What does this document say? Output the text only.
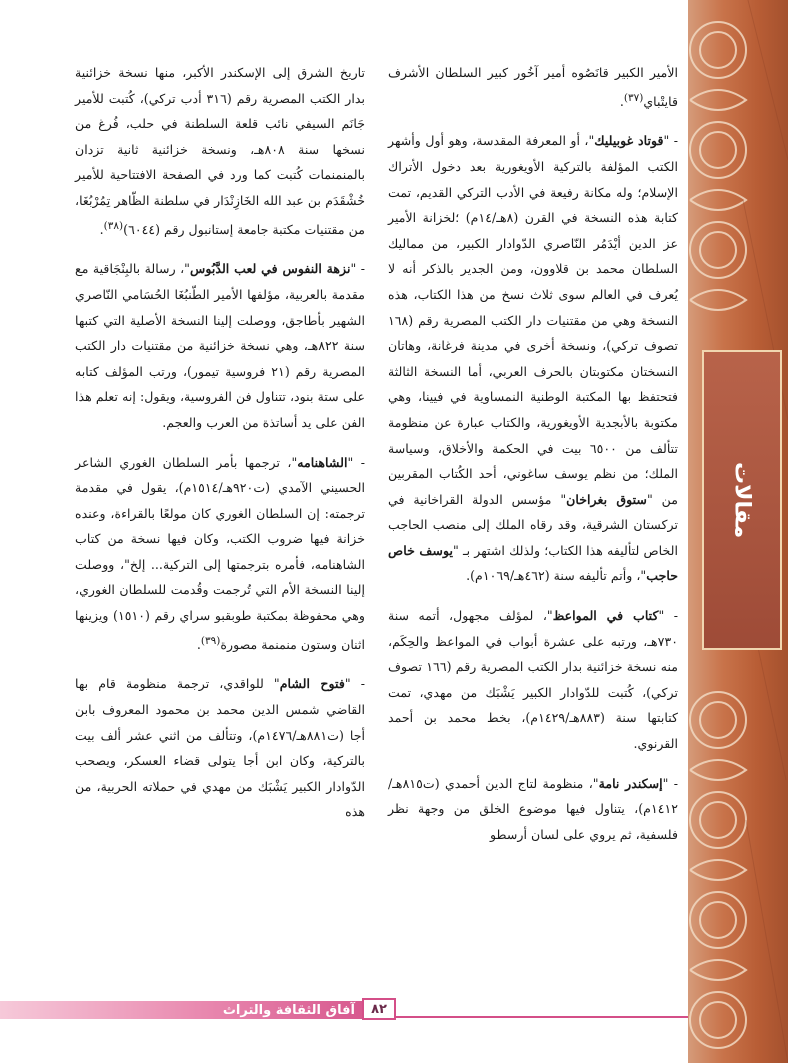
مقالات

الأمير الكبير قانَصُوه أمير آخُور كبير السلطان الأشرف قايتْباي$^{(٣٧)}$.

- "قوتاد غوبيليك"، أو المعرفة المقدسة، وهو أول وأشهر الكتب المؤلفة بالتركية الأويغورية بعد دخول الأتراك الإسلام؛ وله مكانة رفيعة في الأدب التركي القديم، تمت كتابة هذه النسخة في القرن (٨هـ/١٤م) ؛لخزانة الأمير عز الدين أيْدَمُر النّاصري الدّوادار الكبير، من مماليك السلطان محمد بن قلاوون، ومن الجدير بالذكر أنه لا يُعرف في العالم سوى ثلاث نسخ من هذا الكتاب، هذه النسخة وهي من مقتنيات دار الكتب المصرية رقم (١٦٨ تصوف تركي)، ونسخة أخرى في مدينة فرغانة، وهاتان النسختان مكتوبتان بالحرف العربي، أما النسخة الثالثة فتحتفظ بها المكتبة الوطنية النمساوية في فيينا، وهي مكتوبة بالأبجدية الأويغورية، والكتاب عبارة عن منظومة تتألف من ٦٥٠٠ بيت في الحكمة والأخلاق، وسياسة الملك؛ من نظم يوسف ساغوني، أحد الكُتاب المقربين من "ستوق بغراخان" مؤسس الدولة القراخانية في تركستان الشرقية، وقد رقاه الملك إلى منصب الحاجب الخاص لتأليفه هذا الكتاب؛ ولذلك اشتهر بـ "يوسف خاص حاجب"، وأتم تأليفه سنة (٤٦٢هـ/١٠٦٩م).

- "كتاب في المواعظ"، لمؤلف مجهول، أتمه سنة ٧٣٠هـ، ورتبه على عشرة أبواب في المواعظ والحِكَم، منه نسخة خزائنية بدار الكتب المصرية رقم (١٦٦ تصوف تركي)، كُتبت للدّوادار الكبير يَشْبَك من مهدي، تمت كتابتها سنة (٨٨٣هـ/١٤٢٩م)، بخط محمد بن أحمد القرنوي.

- "إسكندر نامة"، منظومة لتاج الدين أحمدي (ت٨١٥هـ/١٤١٢م)، يتناول فيها موضوع الخلق من وجهة نظر فلسفية، ثم يروي على لسان أرسطو

تاريخ الشرق إلى الإسكندر الأكبر، منها نسخة خزائنية بدار الكتب المصرية رقم (٣١٦ أدب تركي)، كُتبت للأمير جَانَم السيفي نائب قلعة السلطنة في حلب، فُرغ من نسخها سنة ٨٠٨هـ، ونسخة خزائنية ثانية تزدان بالمنمنمات كُتبت كما ورد في الصفحة الافتتاحية للأمير خُشْقَدَم بن عبد الله الخَازِنْدَار في سلطنة الظّاهر تِمُرْبُغَا، من مقتنيات مكتبة جامعة إستانبول رقم (٦٠٤٤)$^{(٣٨)}$.

- "نزهة النفوس في لعب الدَّبُوس"، رسالة بالبِنْجَاقية مع مقدمة بالعربية، مؤلفها الأمير الطّنبُغَا الحُسَامي النّاصري الشهير بأطاجق، ووصلت إلينا النسخة الأصلية التي كتبها سنة ٨٢٢هـ، وهي نسخة خزائنية من مقتنيات دار الكتب المصرية رقم (٢١ فروسية تيمور)، ورتب المؤلف كتابه على ستة بنود، تتناول فن الفروسية، ويقول: إنه تعلم هذا الفن على يد أساتذة من العرب والعجم.

- "الشاهنامه"، ترجمها بأمر السلطان الغوري الشاعر الحسيني الآمدي (ت٩٢٠هـ/١٥١٤م)، يقول في مقدمة ترجمته: إن السلطان الغوري كان مولعًا بالقراءة، وعنده خزانة فيها ضروب الكتب، وكان فيها نسخة من كتاب الشاهنامه، فأمره بترجمتها إلى التركية... إلخ"، ووصلت إلينا النسخة الأم التي تُرجمت وقُدمت للسلطان الغوري، وهي محفوظة بمكتبة طوبقبو سراي رقم (١٥١٠) ويزينها اثنان وستون منمنمة مصورة$^{(٣٩)}$.

- "فتوح الشام" للواقدي، ترجمة منظومة قام بها القاضي شمس الدين محمد بن محمود المعروف بابن أجا (ت٨٨١هـ/١٤٧٦م)، وتتألف من اثني عشر ألف بيت بالتركية، وكان ابن أجا يتولى قضاء العسكر، ويصحب الدّوادار الكبير يَشْبَك من مهدي في حملاته الحربية، من هذه

آفاق الثقافة والتراث	٨٢
